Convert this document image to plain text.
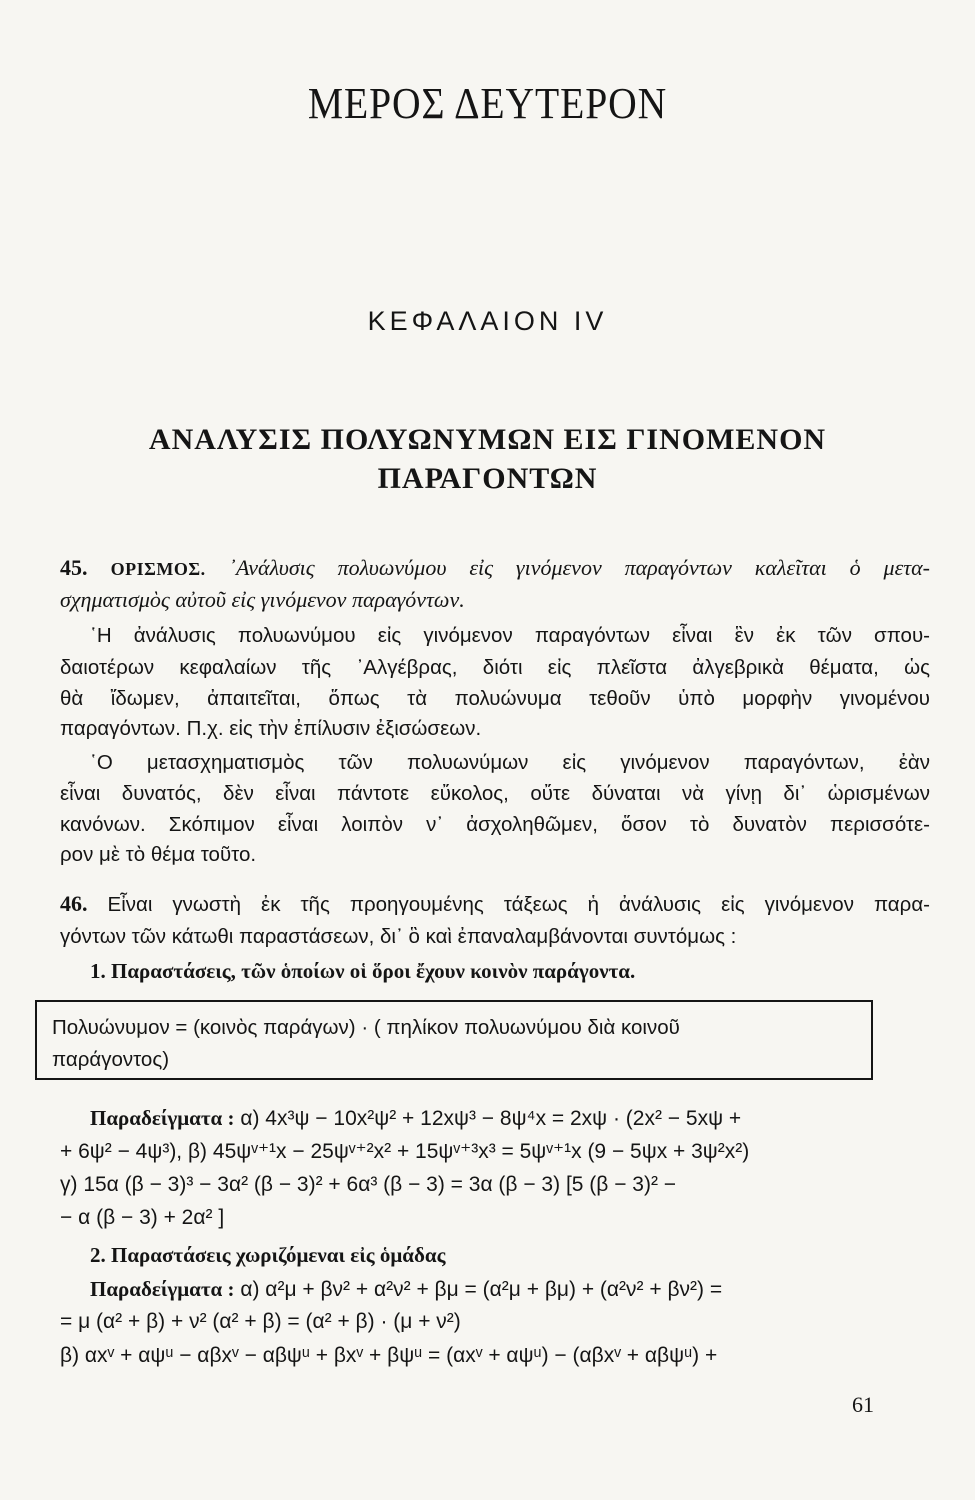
ΜΕΡΟΣ ΔΕΥΤΕΡΟΝ
ΚΕΦΑΛΑΙΟΝ IV
ΑΝΑΛΥΣΙΣ ΠΟΛΥΩΝΥΜΩΝ ΕΙΣ ΓΙΝΟΜΕΝΟΝ
ΠΑΡΑΓΟΝΤΩΝ
45. ΟΡΙΣΜΟΣ. ᾿Ανάλυσις πολυωνύμου εἰς γινόμενον παραγόντων καλεῖται ὁ μετα-
σχηματισμὸς αὐτοῦ εἰς γινόμενον παραγόντων.
῾Η ἀνάλυσις πολυωνύμου εἰς γινόμενον παραγόντων εἶναι ἓν ἐκ τῶν σπου-
δαιοτέρων κεφαλαίων τῆς ᾿Αλγέβρας, διότι εἰς πλεῖστα ἀλγεβρικὰ θέματα, ὡς
θὰ ἴδωμεν, ἀπαιτεῖται, ὅπως τὰ πολυώνυμα τεθοῦν ὑπὸ μορφὴν γινομένου
παραγόντων. Π.χ. εἰς τὴν ἐπίλυσιν ἐξισώσεων.
῾Ο μετασχηματισμὸς τῶν πολυωνύμων εἰς γινόμενον παραγόντων, ἐὰν
εἶναι δυνατός, δὲν εἶναι πάντοτε εὔκολος, οὔτε δύναται νὰ γίνῃ δι᾿ ὡρισμένων
κανόνων. Σκόπιμον εἶναι λοιπὸν ν᾿ ἀσχοληθῶμεν, ὅσον τὸ δυνατὸν περισσότε-
ρον μὲ τὸ θέμα τοῦτο.
46. Εἶναι γνωστὴ ἐκ τῆς προηγουμένης τάξεως ἡ ἀνάλυσις εἰς γινόμενον παρα-
γόντων τῶν κάτωθι παραστάσεων, δι᾿ ὃ καὶ ἐπαναλαμβάνονται συντόμως :
1. Παραστάσεις, τῶν ὁποίων οἱ ὅροι ἔχουν κοινὸν παράγοντα.
Πολυώνυμον = (κοινὸς παράγων) · ( πηλίκον πολυωνύμου διὰ κοινοῦ
παράγοντος)
Παραδείγματα : α) 4x³ψ − 10x²ψ² + 12xψ³ − 8ψ⁴x = 2xψ · (2x² − 5xψ +
+ 6ψ² − 4ψ³), β) 45ψᵛ⁺¹x − 25ψᵛ⁺²x² + 15ψᵛ⁺³x³ = 5ψᵛ⁺¹x (9 − 5ψx + 3ψ²x²)
γ) 15α (β − 3)³ − 3α² (β − 3)² + 6α³ (β − 3) = 3α (β − 3) [5 (β − 3)² −
− α (β − 3) + 2α² ]
2. Παραστάσεις χωριζόμεναι εἰς ὁμάδας
Παραδείγματα : α) α²μ + βν² + α²ν² + βμ = (α²μ + βμ) + (α²ν² + βν²) =
= μ (α² + β) + ν² (α² + β) = (α² + β) · (μ + ν²)
β) αxᵛ + αψᵘ − αβxᵛ − αβψᵘ + βxᵛ + βψᵘ = (αxᵛ + αψᵘ) − (αβxᵛ + αβψᵘ) +
61
